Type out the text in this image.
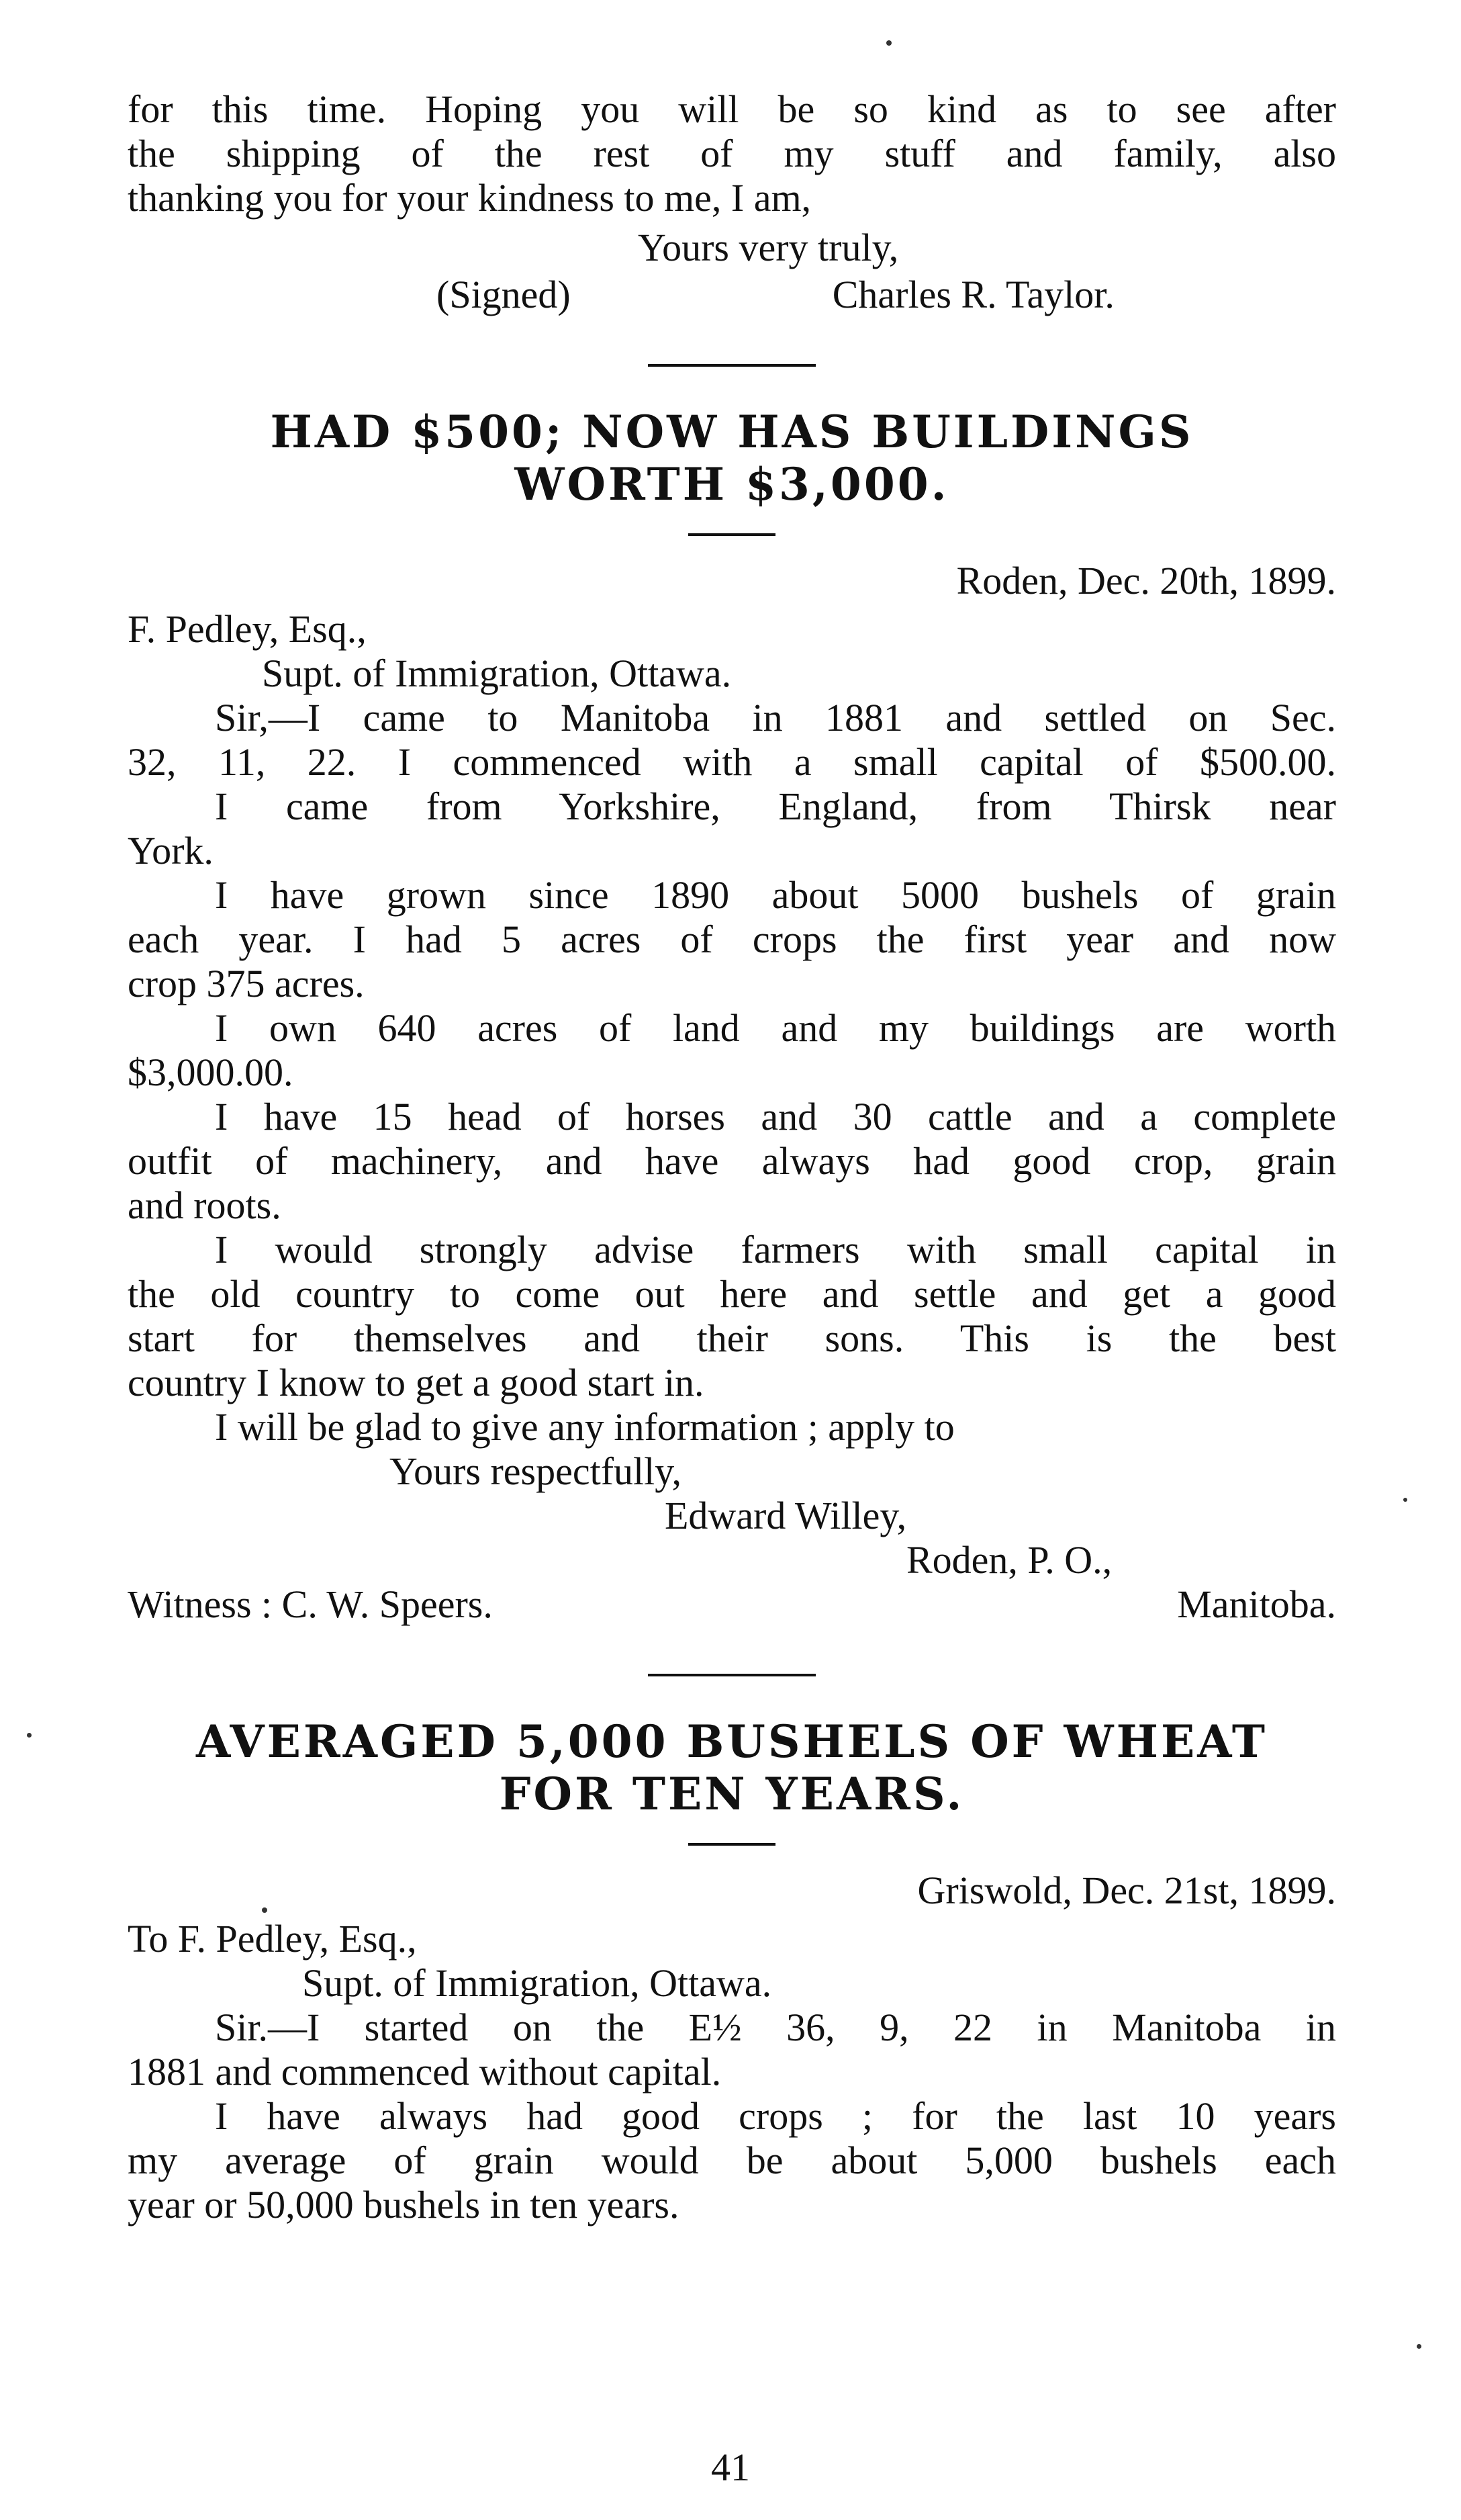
for this time. Hoping you will be so kind as to see after
the shipping of the rest of my stuff and family, also
thanking you for your kindness to me, I am,
Yours very truly,
(Signed)	Charles R. Taylor.
HAD $500; NOW HAS BUILDINGS
WORTH $3,000.
Roden, Dec. 20th, 1899.
F. Pedley, Esq.,
Supt. of Immigration, Ottawa.
Sir,—I came to Manitoba in 1881 and settled on Sec.
32, 11, 22. I commenced with a small capital of $500.00.
I came from Yorkshire, England, from Thirsk near
York.
I have grown since 1890 about 5000 bushels of grain
each year. I had 5 acres of crops the first year and now
crop 375 acres.
I own 640 acres of land and my buildings are worth
$3,000.00.
I have 15 head of horses and 30 cattle and a complete
outfit of machinery, and have always had good crop, grain
and roots.
I would strongly advise farmers with small capital in
the old country to come out here and settle and get a good
start for themselves and their sons. This is the best
country I know to get a good start in.
I will be glad to give any information ; apply to
Yours respectfully,
Edward Willey,
Roden, P. O.,
Witness : C. W. Speers.	Manitoba.
AVERAGED 5,000 BUSHELS OF WHEAT
FOR TEN YEARS.
Griswold, Dec. 21st, 1899.
To F. Pedley, Esq.,
Supt. of Immigration, Ottawa.
Sir.—I started on the E½ 36, 9, 22 in Manitoba in
1881 and commenced without capital.
I have always had good crops ; for the last 10 years
my average of grain would be about 5,000 bushels each
year or 50,000 bushels in ten years.
41
